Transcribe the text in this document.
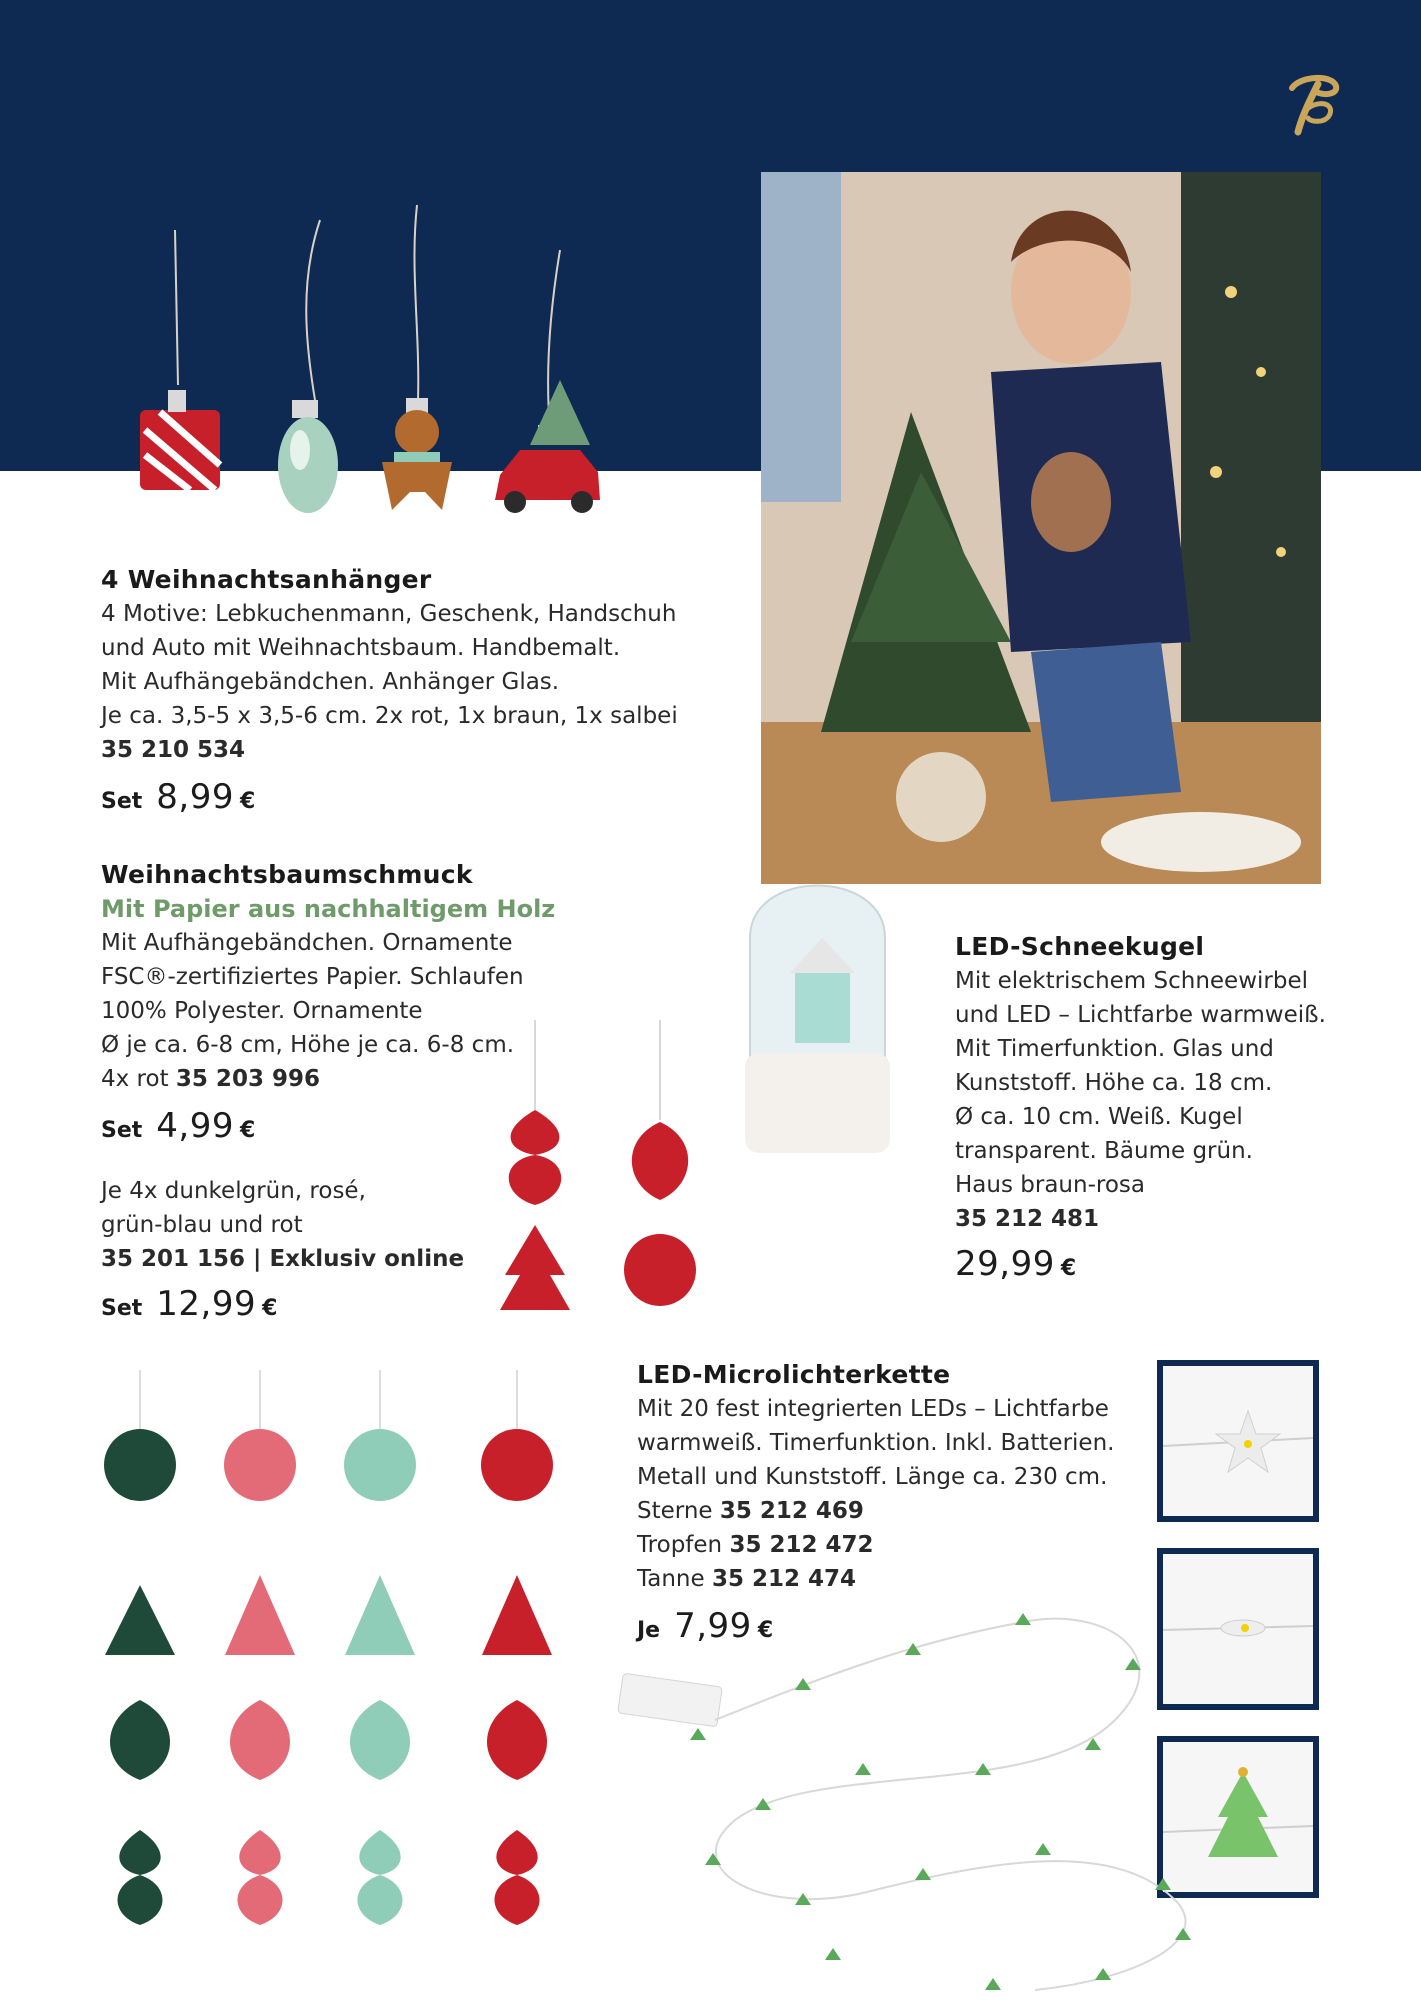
4 Weihnachtsanhänger
4 Motive: Lebkuchenmann, Geschenk, Handschuh
und Auto mit Weihnachtsbaum. Handbemalt.
Mit Aufhängebändchen. Anhänger Glas.
Je ca. 3,5-5 x 3,5-6 cm. 2x rot, 1x braun, 1x salbei
35 210 534
Set 8,99 €
Weihnachtsbaumschmuck
Mit Papier aus nachhaltigem Holz
Mit Aufhängebändchen. Ornamente
FSC®-zertifiziertes Papier. Schlaufen
100% Polyester. Ornamente
Ø je ca. 6-8 cm, Höhe je ca. 6-8 cm.
4x rot 35 203 996
Set 4,99 €
Je 4x dunkelgrün, rosé,
grün-blau und rot
35 201 156 | Exklusiv online
Set 12,99 €
LED-Schneekugel
Mit elektrischem Schneewirbel
und LED – Lichtfarbe warmweiß.
Mit Timerfunktion. Glas und
Kunststoff. Höhe ca. 18 cm.
Ø ca. 10 cm. Weiß. Kugel
transparent. Bäume grün.
Haus braun-rosa
35 212 481
29,99 €
LED-Microlichterkette
Mit 20 fest integrierten LEDs – Lichtfarbe
warmweiß. Timerfunktion. Inkl. Batterien.
Metall und Kunststoff. Länge ca. 230 cm.
Sterne 35 212 469
Tropfen 35 212 472
Tanne 35 212 474
Je 7,99 €
